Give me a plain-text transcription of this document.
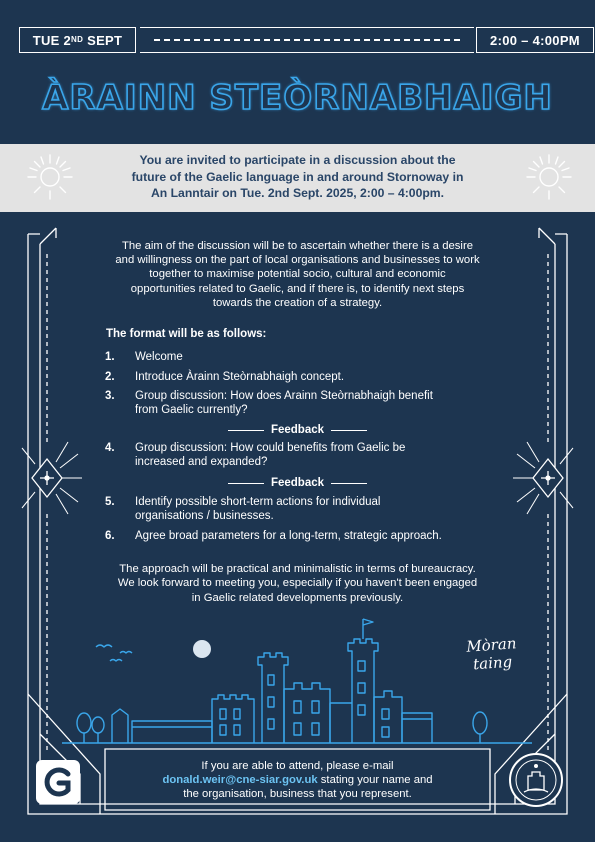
TUE 2ND SEPT	2:00 – 4:00PM
ÀRAINN STEÒRNABHAIGH

You are invited to participate in a discussion about the
future of the Gaelic language in and around Stornoway in
An Lanntair on Tue. 2nd Sept. 2025, 2:00 – 4:00pm.

The aim of the discussion will be to ascertain whether there is a desire
and willingness on the part of local organisations and businesses to work
together to maximise potential socio, cultural and economic
opportunities related to Gaelic, and if there is, to identify next steps
towards the creation of a strategy.
The format will be as follows:
1.	Welcome
2.	Introduce Àrainn Steòrnabhaigh concept.
3.	Group discussion: How does Arainn Steòrnabhaigh benefit
from Gaelic currently?
Feedback
4.	Group discussion: How could benefits from Gaelic be
increased and expanded?
Feedback
5.	Identify possible short-term actions for individual
organisations / businesses.
6.	Agree broad parameters for a long-term, strategic approach.
The approach will be practical and minimalistic in terms of bureaucracy.
We look forward to meeting you, especially if you haven't been engaged
in Gaelic related developments previously.
Mòran
taing
If you are able to attend, please e-mail
donald.weir@cne-siar.gov.uk stating your name and
the organisation, business that you represent.
